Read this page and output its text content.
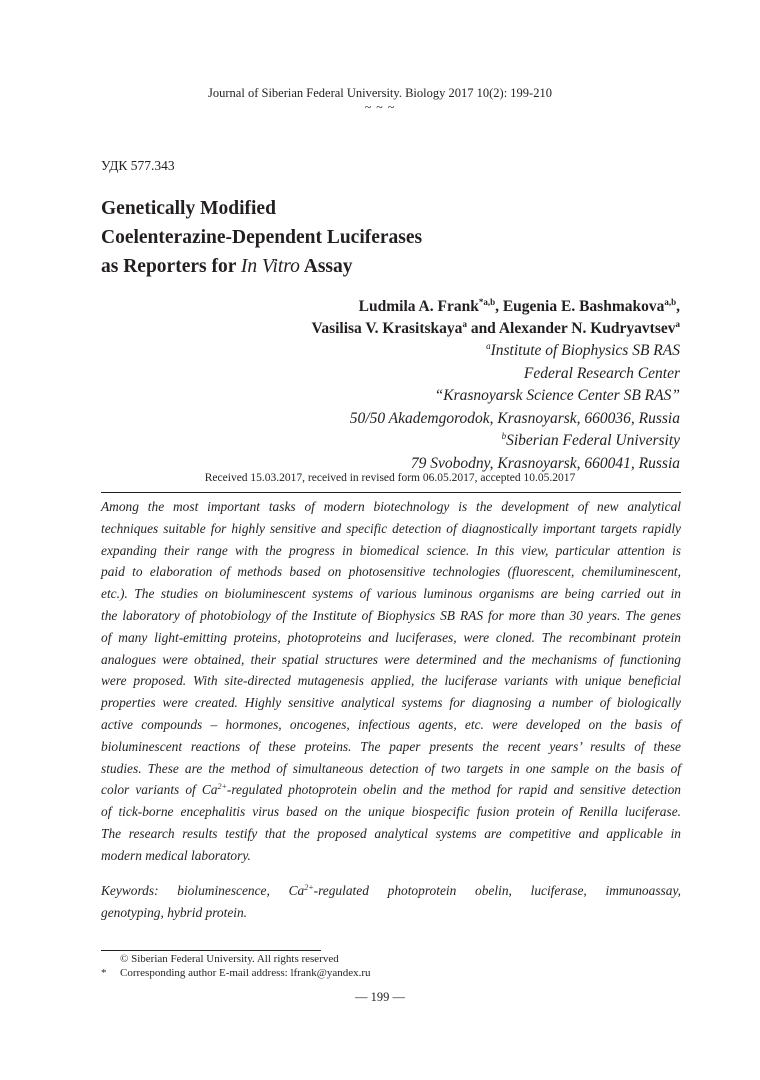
Journal of Siberian Federal University. Biology 2017 10(2): 199-210
~ ~ ~
УДК 577.343
Genetically Modified
Coelenterazine-Dependent Luciferases
as Reporters for In Vitro Assay
Ludmila A. Frank$^{*a,b}$, Eugenia E. Bashmakova$^{a,b}$,
Vasilisa V. Krasitskaya$^a$ and Alexander N. Kudryavtsev$^a$
$^a$Institute of Biophysics SB RAS
Federal Research Center
“Krasnoyarsk Science Center SB RAS”
50/50 Akademgorodok, Krasnoyarsk, 660036, Russia
$^b$Siberian Federal University
79 Svobodny, Krasnoyarsk, 660041, Russia
Received 15.03.2017, received in revised form 06.05.2017, accepted 10.05.2017
Among the most important tasks of modern biotechnology is the development of new analytical
techniques suitable for highly sensitive and specific detection of diagnostically important targets rapidly
expanding their range with the progress in biomedical science. In this view, particular attention is
paid to elaboration of methods based on photosensitive technologies (fluorescent, chemiluminescent,
etc.). The studies on bioluminescent systems of various luminous organisms are being carried out in
the laboratory of photobiology of the Institute of Biophysics SB RAS for more than 30 years. The genes
of many light-emitting proteins, photoproteins and luciferases, were cloned. The recombinant protein
analogues were obtained, their spatial structures were determined and the mechanisms of functioning
were proposed. With site-directed mutagenesis applied, the luciferase variants with unique beneficial
properties were created. Highly sensitive analytical systems for diagnosing a number of biologically
active compounds – hormones, oncogenes, infectious agents, etc. were developed on the basis of
bioluminescent reactions of these proteins. The paper presents the recent years’ results of these
studies. These are the method of simultaneous detection of two targets in one sample on the basis of
color variants of $Ca^{2+}$-regulated photoprotein obelin and the method for rapid and sensitive detection
of tick-borne encephalitis virus based on the unique biospecific fusion protein of Renilla luciferase.
The research results testify that the proposed analytical systems are competitive and applicable in
modern medical laboratory.
Keywords: bioluminescence, $Ca^{2+}$-regulated photoprotein obelin, luciferase, immunoassay,
genotyping, hybrid protein.
© Siberian Federal University. All rights reserved
* Corresponding author E-mail address: lfrank@yandex.ru
— 199 —
